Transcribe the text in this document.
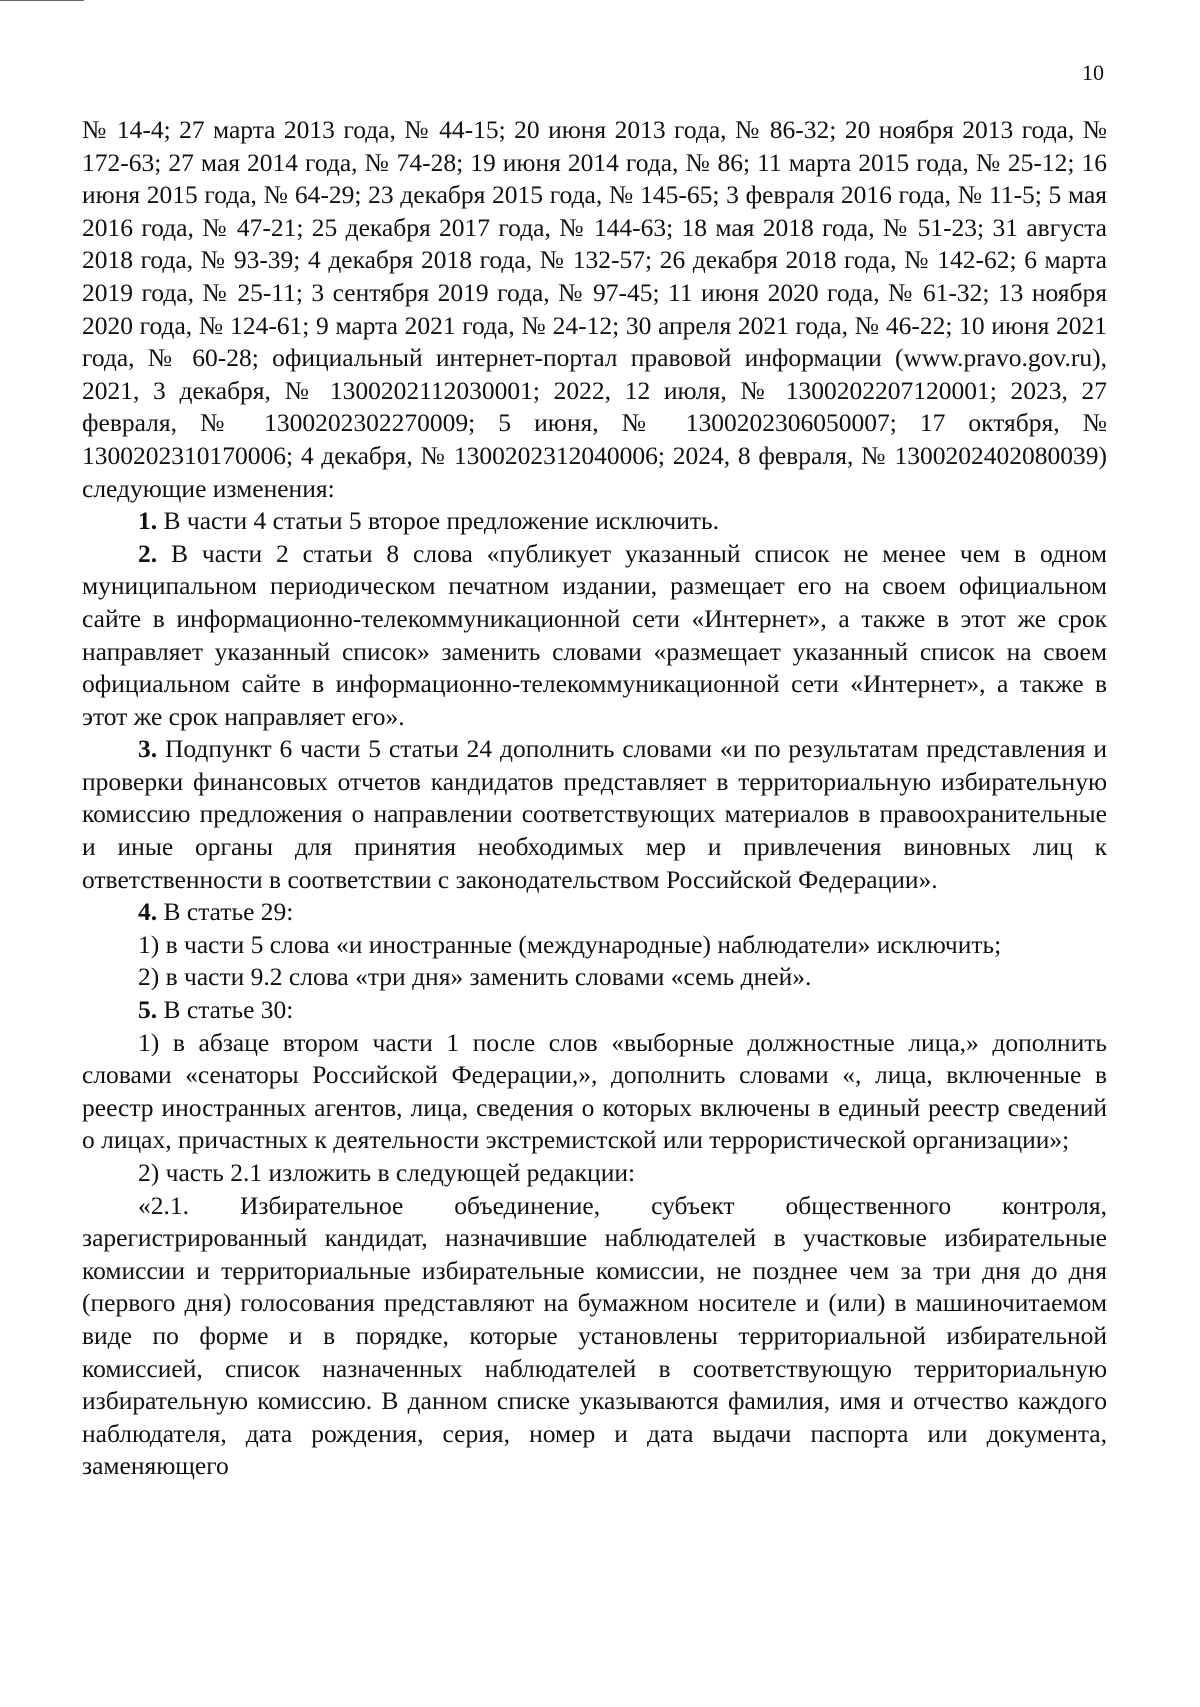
10

№ 14-4; 27 марта 2013 года, № 44-15; 20 июня 2013 года, № 86-32; 20 ноября 2013 года, № 172-63; 27 мая 2014 года, № 74-28; 19 июня 2014 года, № 86; 11 марта 2015 года, № 25-12; 16 июня 2015 года, № 64-29; 23 декабря 2015 года, № 145-65; 3 февраля 2016 года, № 11-5; 5 мая 2016 года, № 47-21; 25 декабря 2017 года, № 144-63; 18 мая 2018 года, № 51-23; 31 августа 2018 года, № 93-39; 4 декабря 2018 года, № 132-57; 26 декабря 2018 года, № 142-62; 6 марта 2019 года, № 25-11; 3 сентября 2019 года, № 97-45; 11 июня 2020 года, № 61-32; 13 ноября 2020 года, № 124-61; 9 марта 2021 года, № 24-12; 30 апреля 2021 года, № 46-22; 10 июня 2021 года, № 60-28; официальный интернет-портал правовой информации (www.pravo.gov.ru), 2021, 3 декабря, № 1300202112030001; 2022, 12 июля, № 1300202207120001; 2023, 27 февраля, № 1300202302270009; 5 июня, № 1300202306050007; 17 октября, № 1300202310170006; 4 декабря, № 1300202312040006; 2024, 8 февраля, № 1300202402080039) следующие изменения:

1. В части 4 статьи 5 второе предложение исключить.

2. В части 2 статьи 8 слова «публикует указанный список не менее чем в одном муниципальном периодическом печатном издании, размещает его на своем официальном сайте в информационно-телекоммуникационной сети «Интернет», а также в этот же срок направляет указанный список» заменить словами «размещает указанный список на своем официальном сайте в информационно-телекоммуникационной сети «Интернет», а также в этот же срок направляет его».

3. Подпункт 6 части 5 статьи 24 дополнить словами «и по результатам представления и проверки финансовых отчетов кандидатов представляет в территориальную избирательную комиссию предложения о направлении соответствующих материалов в правоохранительные и иные органы для принятия необходимых мер и привлечения виновных лиц к ответственности в соответствии с законодательством Российской Федерации».

4. В статье 29:

1) в части 5 слова «и иностранные (международные) наблюдатели» исключить;

2) в части 9.2 слова «три дня» заменить словами «семь дней».

5. В статье 30:

1) в абзаце втором части 1 после слов «выборные должностные лица,» дополнить словами «сенаторы Российской Федерации,», дополнить словами «, лица, включенные в реестр иностранных агентов, лица, сведения о которых включены в единый реестр сведений о лицах, причастных к деятельности экстремистской или террористической организации»;

2) часть 2.1 изложить в следующей редакции:

«2.1. Избирательное объединение, субъект общественного контроля, зарегистрированный кандидат, назначившие наблюдателей в участковые избирательные комиссии и территориальные избирательные комиссии, не позднее чем за три дня до дня (первого дня) голосования представляют на бумажном носителе и (или) в машиночитаемом виде по форме и в порядке, которые установлены территориальной избирательной комиссией, список назначенных наблюдателей в соответствующую территориальную избирательную комиссию. В данном списке указываются фамилия, имя и отчество каждого наблюдателя, дата рождения, серия, номер и дата выдачи паспорта или документа, заменяющего
